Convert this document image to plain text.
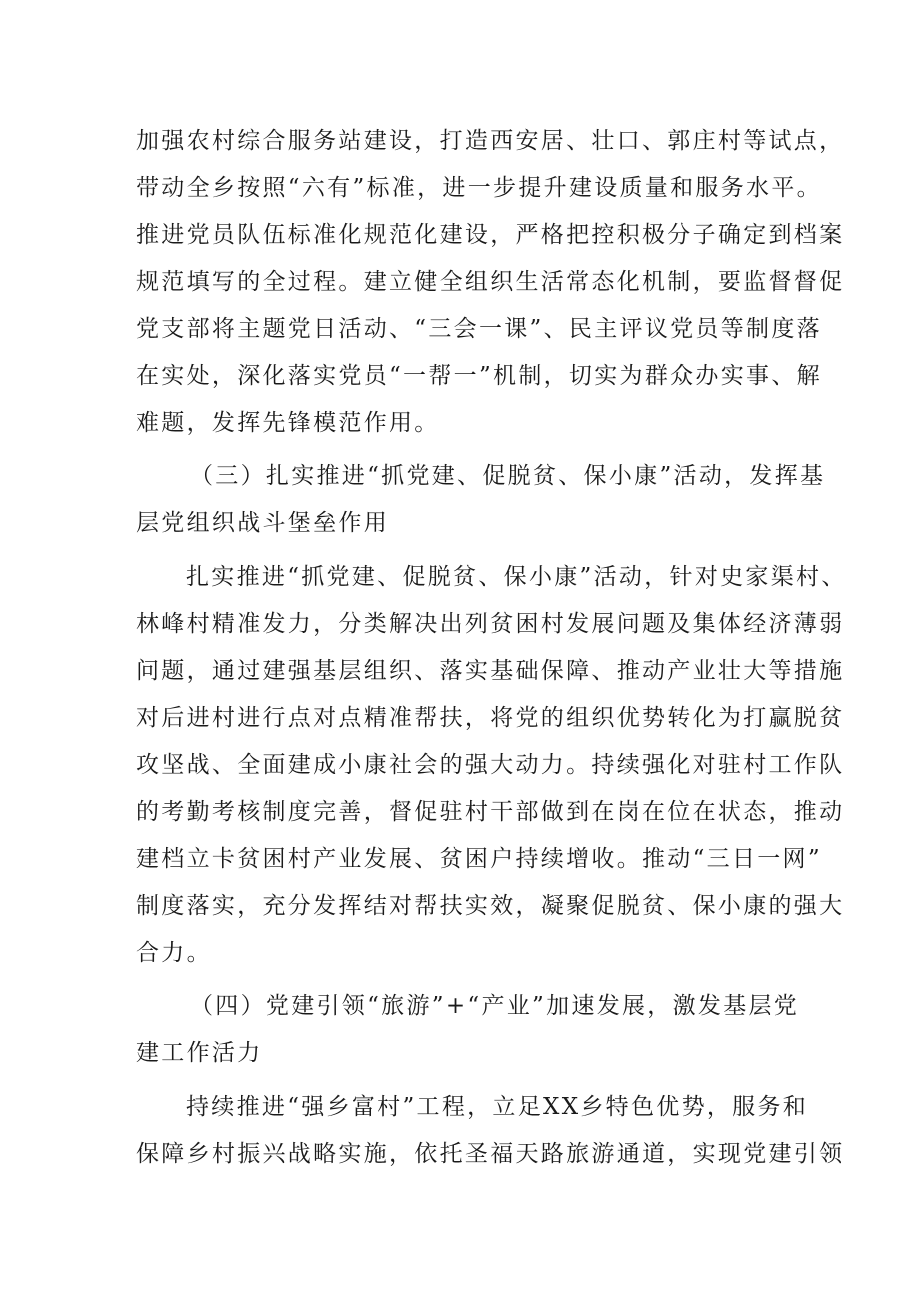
加强农村综合服务站建设，打造西安居、壮口、郭庄村等试点，

带动全乡按照“六有”标准，进一步提升建设质量和服务水平。

推进党员队伍标准化规范化建设，严格把控积极分子确定到档案

规范填写的全过程。建立健全组织生活常态化机制，要监督督促

党支部将主题党日活动、“三会一课”、民主评议党员等制度落

在实处，深化落实党员“一帮一”机制，切实为群众办实事、解

难题，发挥先锋模范作用。

（三）扎实推进“抓党建、促脱贫、保小康”活动，发挥基

层党组织战斗堡垒作用

扎实推进“抓党建、促脱贫、保小康”活动，针对史家渠村、

林峰村精准发力，分类解决出列贫困村发展问题及集体经济薄弱

问题，通过建强基层组织、落实基础保障、推动产业壮大等措施

对后进村进行点对点精准帮扶，将党的组织优势转化为打赢脱贫

攻坚战、全面建成小康社会的强大动力。持续强化对驻村工作队

的考勤考核制度完善，督促驻村干部做到在岗在位在状态，推动

建档立卡贫困村产业发展、贫困户持续增收。推动“三日一网”

制度落实，充分发挥结对帮扶实效，凝聚促脱贫、保小康的强大

合力。

（四）党建引领“旅游”+“产业”加速发展，激发基层党

建工作活力

持续推进“强乡富村”工程，立足XX乡特色优势，服务和

保障乡村振兴战略实施，依托圣福天路旅游通道，实现党建引领
